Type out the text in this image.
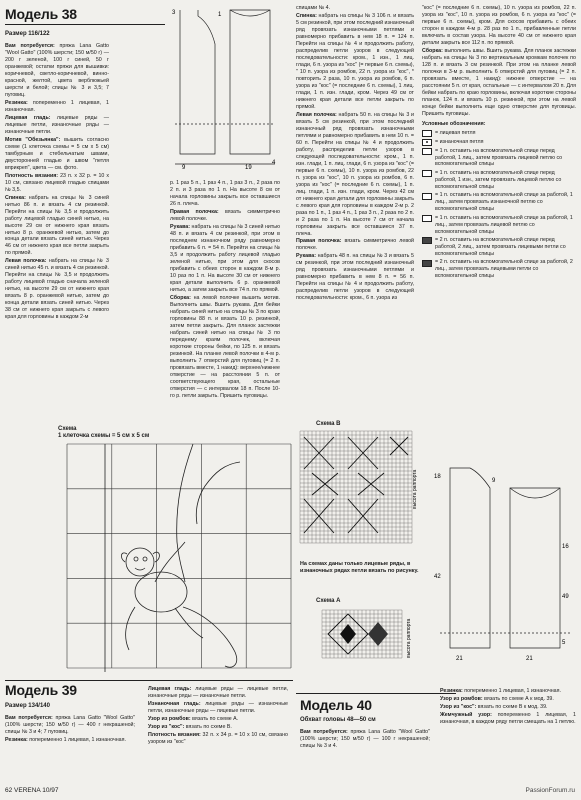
Модель 38
Размер 116/122

Вам потребуется: пряжа Lana Gatto "Wool Gatto" (100% шерсти; 150 м/50 г) — 200 г зеленой, 100 г синей, 50 г оранжевой; остатки пряжи для вышивки: коричневой, светло-коричневой, винно-красной, желтой, цвета верблюжьей шерсти и белой; спицы № 3 и 3,5; 7 пуговиц.

Резинка: попеременно 1 лицевая, 1 изнаночная.

Лицевая гладь: лицевые ряды — лицевые петли, изнаночные ряды — изнаночные петли.

Мотив "Обезьянка": вышить согласно схеме (1 клеточка схемы = 5 см х 5 см) тамбурным и стебельчатым швами, двусторонней гладью и швом "петля вприкреп", цвета — см. фото.

Плотность вязания: 23 п. х 32 р. = 10 х 10 см, связано лицевой гладью спицами № 3,5.

Спинка: набрать на спицы № 3 синей нитью 86 п. и вязать 4 см резинкой. Перейти на спицы № 3,5 и продолжить работу лицевой гладью синей нитью, на высоте 29 см от нижнего края вязать нитью 8 р. оранжевой нитью, затем до конца детали вязать синей нитью. Через 46 см от нижнего края все петли закрыть по прямой.

Левая полочка: набрать на спицы № 3 синей нитью 45 п. и вязать 4 см резинкой. Перейти на спицы № 3,5 и продолжить работу лицевой гладью сначала зеленой нитью, на высоте 29 см от нижнего края вязать 8 р. оранжевой нитью, затем до конца детали вязать синей нитью. Через 38 см от нижнего края закрыть с левого края для горловины в каждом 2-м

9	19
4
3	1

р. 1 раз 5 п., 1 раз 4 п., 1 раз 3 п., 2 раза по 2 п. и 3 раза по 1 п. На высоте 8 см от начала горловины закрыть все оставшиеся 26 п. плеча.

Правая полочка: вязать симметрично левой полочке.

Рукава: набрать на спицы № 3 синей нитью 48 п. и вязать 4 см резинкой, при этом в последнем изнаночном ряду равномерно прибавить 6 п. = 54 п. Перейти на спицы № 3,5 и продолжить работу лицевой гладью зеленой нитью, при этом для скосов прибавить с обеих сторон в каждом 8-м р. 10 раз по 1 п. На высоте 30 см от нижнего края детали выполнить 6 р. оранжевой нитью, а затем закрыть все 74 п. по прямой.

Сборка: на левой полочке вышить мотив. Выполнить швы. Вшить рукава. Для бейки набрать синей нитью на спицы № 3 по краю горловины 88 п. и вязать 10 р. резинкой, затем петли закрыть. Для планок застежки набрать синей нитью на спицы № 3 по переднему краям полочек, включая короткие стороны бейки, по 125 п. и вязать резинкой. На планке левой полочки в 4-м р. выполнить 7 отверстий для пуговиц (= 2 п. провязать вместе, 1 накид): верхнее/нижнее отверстие — на расстоянии 5 п. от соответствующего края, остальные отверстия — с интервалом 18 п. После 10-го р. петли закрыть. Пришить пуговицы.

спицами № 4.

Спинка: набрать на спицы № 3 106 п. и вязать 5 см резинкой, при этом последний изнаночный ряд провязать изнаночными петлями и равномерно прибавить в нем 18 п. = 124 п. Перейти на спицы № 4 и продолжить работу, распределив петли узоров в следующей последовательности: кром., 1 изн., 1 лиц. глади, 6 п. узора из "кос" (= первые 6 п. схемы), " 10 п. узора из ромбов, 22 п. узора из "кос", * повторить 2 раза, 10 п. узора из ромбов, 6 п. узора из "кос" (= последние 6 п. схемы), 1 лиц. глади, 1 п. изн. глади, кром. Через 49 см от нижнего края детали все петли закрыть по прямой.

Левая полочка: набрать 50 п. на спицы № 3 и вязать 5 см резинкой, при этом последний изнаночный ряд провязать изнаночными петлями и равномерно прибавить в нем 10 п. = 60 п. Перейти на спицы № 4 и продолжить работу, распределив петли узоров в следующей последовательности: кром., 1 п. изн. глади, 1 п. лиц. глади, 6 п. узора из "кос" (= первые 6 п. схемы), 10 п. узора из ромбов, 22 п. узора из "кос", 10 п. узора из ромбов, 6 п. узора из "кос" (= последние 6 п. схемы), 1 п. лиц. глади, 1 п. изн. глади, кром. Через 42 см от нижнего края детали для горловины закрыть с левого края для горловины в каждом 2-м р. 2 раза по 1 п., 1 раз 4 п., 1 раз 3 п., 2 раза по 2 п. и 2 раза по 1 п. На высоте 7 см от начала горловины закрыть все оставшиеся 37 п. плеча.

Правая полочка: вязать симметрично левой полочке.

Рукава: набрать 48 п. на спицы № 3 и вязать 5 см резинкой, при этом последний изнаночный ряд провязать изнаночными петлями и равномерно прибавить в нем 8 п. = 56 п. Перейти на спицы № 4 и продолжить работу, распределив петли узоров в следующей последовательности: кром., 6 п. узора из

"кос" (= последние 6 п. схемы), 10 п. узора из ромбов, 22 п. узора из "кос", 10 п. узора из ромбов, 6 п. узора из "кос" (= первые 6 п. схемы), кром. Для скосов прибавить с обеих сторон в каждом 4-м р. 28 раз по 1 п., прибавленные петли включать в состав узора. На высоте 40 см от нижнего края детали закрыть все 112 п. по прямой.

Сборка: выполнить швы. Вшить рукава. Для планок застежки набрать на спицы № 3 по вертикальным кромкам полочек по 128 п. и вязать 3 см резинкой. При этом на планке левой полочки в 3-м р. выполнить 6 отверстий для пуговиц (= 2 п. провязать вместе, 1 накид): нижнее отверстие — на расстоянии 5 п. от края, остальные — с интервалом 20 п. Для бейки набрать по краю горловины, включая короткие стороны планок, 124 п. и вязать 10 р. резинкой, при этом на левой конце бейки выполнить еще одно отверстие для пуговицы. Пришить пуговицы.

Условные обозначения:
= лицевая петля
= изнаночная петля
= 1 п. оставить на вспомогательной спице перед работой, 1 лиц., затем провязать лицевой петлю со вспомогательной спицы
= 1 п. оставить на вспомогательной спице перед работой, 1 изн., затем провязать лицевой петлю со вспомогательной спицы
= 1 п. оставить на вспомогательной спице за работой, 1 лиц., затем провязать изнаночной петлю со вспомогательной спицы
= 1 п. оставить на вспомогательной спице за работой, 1 лиц., затем провязать лицевой петлю со вспомогательной спицы
= 2 п. оставить на вспомогательной спице перед работой, 2 лиц., затем провязать лицевыми петли со вспомогательной спицы
= 2 п. оставить на вспомогательной спице за работой, 2 лиц., затем провязать лицевыми петли со вспомогательной спицы
Схема
1 клеточка схемы = 5 см х 5 см
Схема В
высота раппорта
На схемах даны только лицевые ряды, в изнаночных рядах петли вязать по рисунку.
Схема А
высота раппорта
21	21
18
9
42
16
49
5
Модель 39
Размер 134/140

Вам потребуется: пряжа Lana Gatto "Wool Gatto" (100% шерсти; 150 м/50 г) — 400 г некрашеной; спицы № 3 и 4; 7 пуговиц.

Резинка: попеременно 1 лицевая, 1 изнаночная.

Лицевая гладь: лицевые ряды — лицевые петли, изнаночные ряды — изнаночные петли.

Изнаночная гладь: лицевые ряды — изнаночные петли, изнаночные ряды — лицевые петли.

Узор из ромбов: вязать по схеме А.

Узор из "кос": вязать по схеме В.

Плотность вязания: 32 п. х 34 р. = 10 х 10 см, связано узором из "кос"

Модель 40
Обхват головы 48—50 см

Вам потребуется: пряжа Lana Gatto "Wool Gatto" (100% шерсти; 150 м/50 г) — 100 г некрашеной; спицы № 3 и 4.

Резинка: попеременно 1 лицевая, 1 изнаночная.

Узор из ромбов: вязать по схеме А к мод. 39.

Узор из "кос": вязать по схеме В к мод. 39.

Жемчужный узор: попеременно 1 лицевая, 1 изнаночная, в каждом ряду петли смещать на 1 петлю.

62 VERENA 10/97	PassionForum.ru
